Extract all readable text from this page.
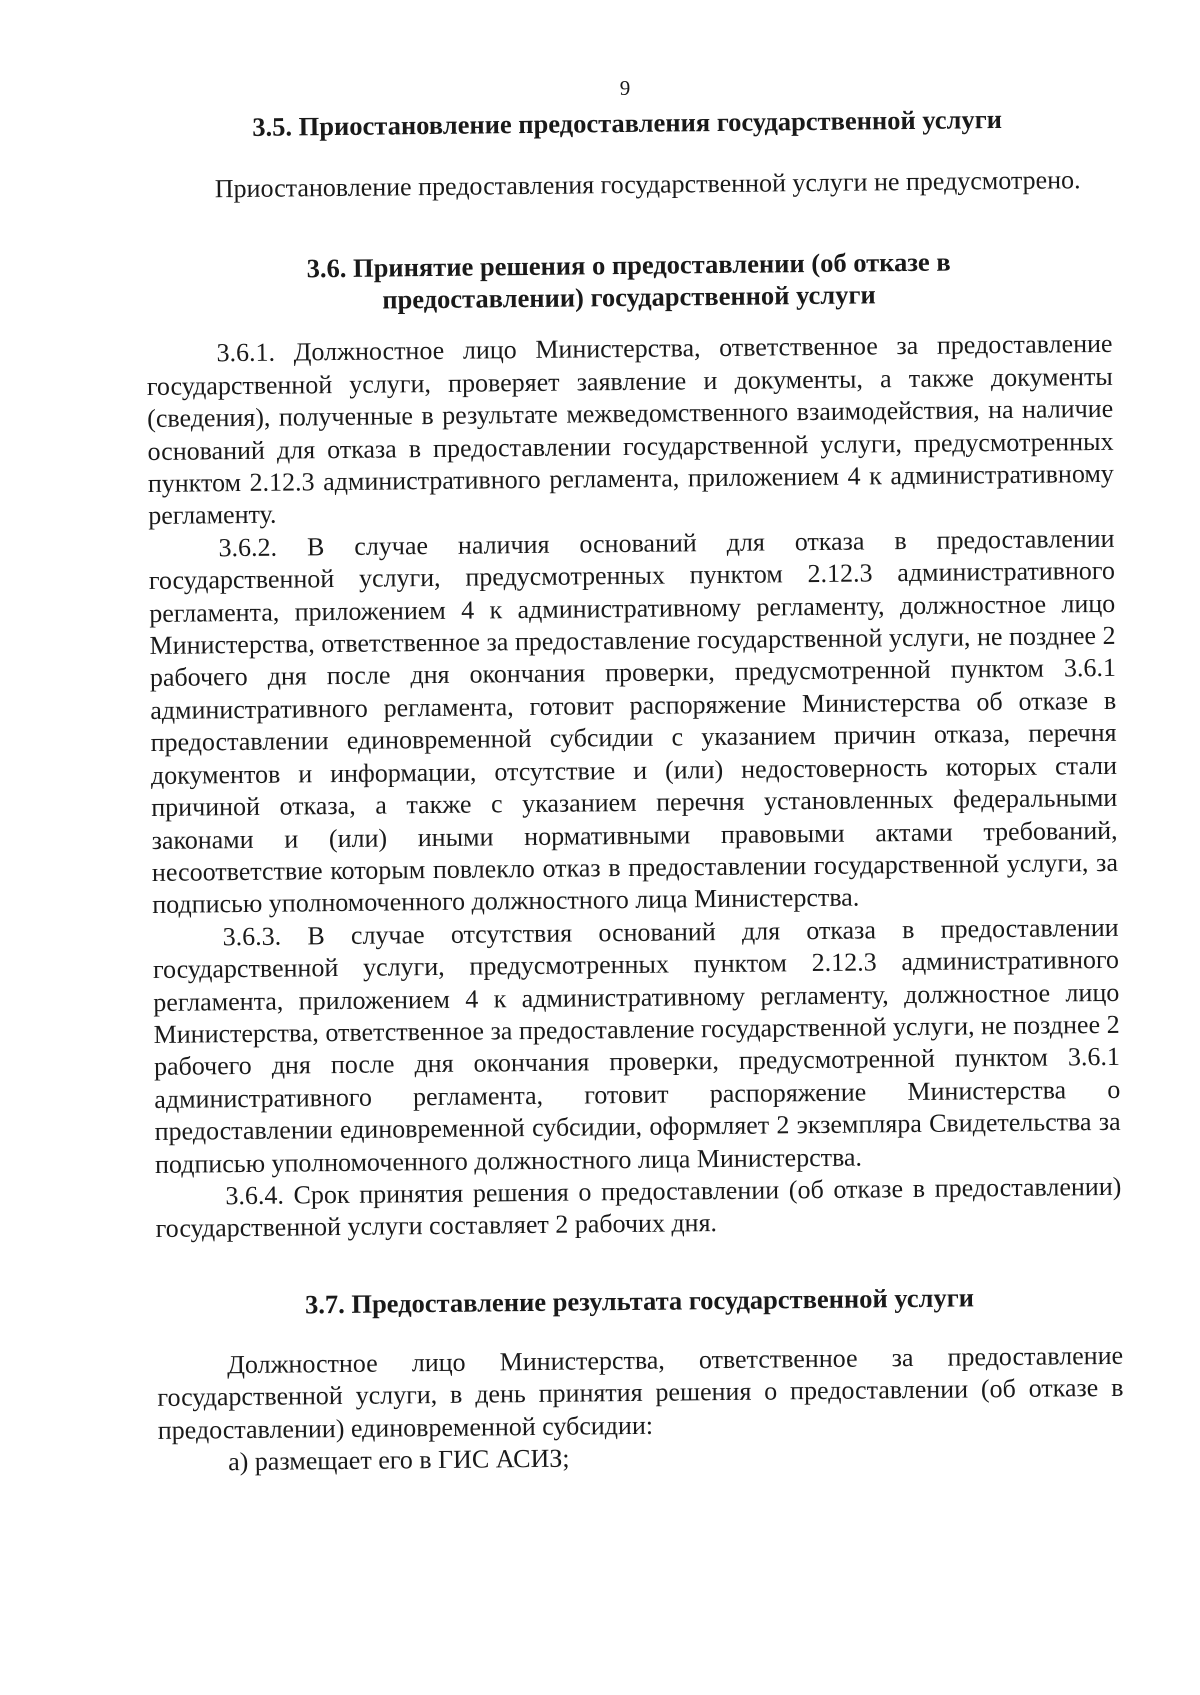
9
3.5. Приостановление предоставления государственной услуги

Приостановление предоставления государственной услуги не предусмотрено.

3.6. Принятие решения о предоставлении (об отказе в
предоставлении) государственной услуги

3.6.1. Должностное лицо Министерства, ответственное за предоставление государственной услуги, проверяет заявление и документы, а также документы (сведения), полученные в результате межведомственного взаимодействия, на наличие оснований для отказа в предоставлении государственной услуги, предусмотренных пунктом 2.12.3 административного регламента, приложением 4 к административному регламенту.

3.6.2. В случае наличия оснований для отказа в предоставлении государственной услуги, предусмотренных пунктом 2.12.3 административного регламента, приложением 4 к административному регламенту, должностное лицо Министерства, ответственное за предоставление государственной услуги, не позднее 2 рабочего дня после дня окончания проверки, предусмотренной пунктом 3.6.1 административного регламента, готовит распоряжение Министерства об отказе в предоставлении единовременной субсидии с указанием причин отказа, перечня документов и информации, отсутствие и (или) недостоверность которых стали причиной отказа, а также с указанием перечня установленных федеральными законами и (или) иными нормативными правовыми актами требований, несоответствие которым повлекло отказ в предоставлении государственной услуги, за подписью уполномоченного должностного лица Министерства.

3.6.3. В случае отсутствия оснований для отказа в предоставлении государственной услуги, предусмотренных пунктом 2.12.3 административного регламента, приложением 4 к административному регламенту, должностное лицо Министерства, ответственное за предоставление государственной услуги, не позднее 2 рабочего дня после дня окончания проверки, предусмотренной пунктом 3.6.1 административного регламента, готовит распоряжение Министерства о предоставлении единовременной субсидии, оформляет 2 экземпляра Свидетельства за подписью уполномоченного должностного лица Министерства.

3.6.4. Срок принятия решения о предоставлении (об отказе в предоставлении) государственной услуги составляет 2 рабочих дня.

3.7. Предоставление результата государственной услуги

Должностное лицо Министерства, ответственное за предоставление государственной услуги, в день принятия решения о предоставлении (об отказе в предоставлении) единовременной субсидии:

а) размещает его в ГИС АСИЗ;
